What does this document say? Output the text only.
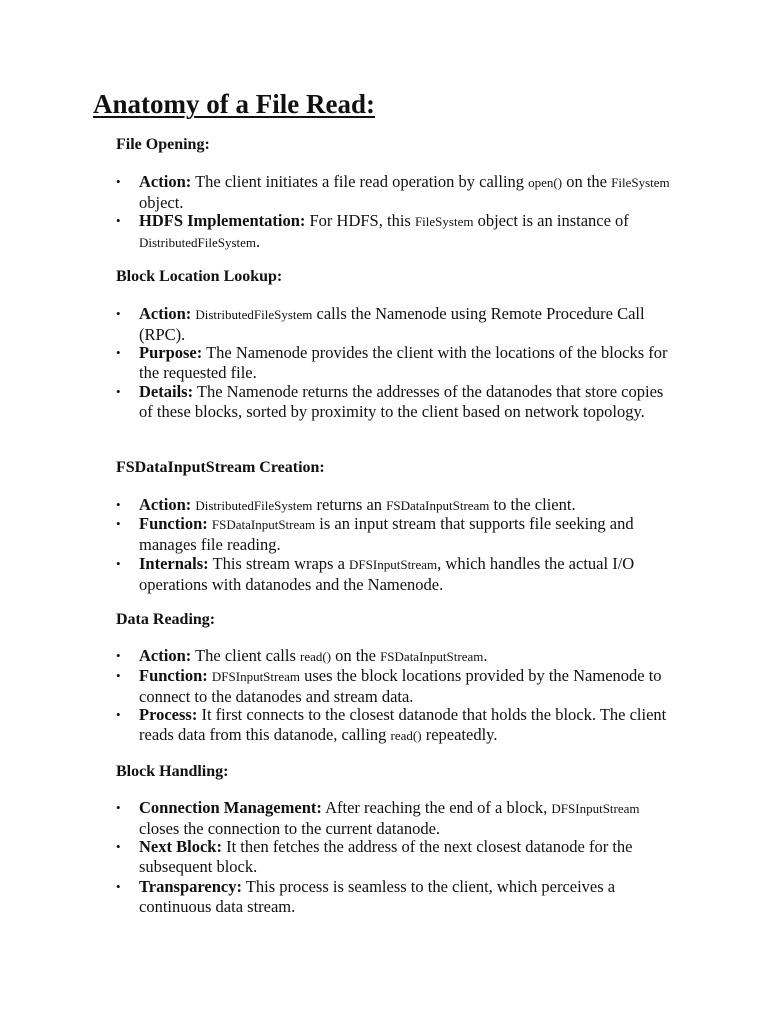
Anatomy of a File Read:
File Opening:
•	Action: The client initiates a file read operation by calling open() on the FileSystem object.
•	HDFS Implementation: For HDFS, this FileSystem object is an instance of DistributedFileSystem.
Block Location Lookup:
•	Action: DistributedFileSystem calls the Namenode using Remote Procedure Call (RPC).
•	Purpose: The Namenode provides the client with the locations of the blocks for the requested file.
•	Details: The Namenode returns the addresses of the datanodes that store copies of these blocks, sorted by proximity to the client based on network topology.
FSDataInputStream Creation:
•	Action: DistributedFileSystem returns an FSDataInputStream to the client.
•	Function: FSDataInputStream is an input stream that supports file seeking and manages file reading.
•	Internals: This stream wraps a DFSInputStream, which handles the actual I/O operations with datanodes and the Namenode.
Data Reading:
•	Action: The client calls read() on the FSDataInputStream.
•	Function: DFSInputStream uses the block locations provided by the Namenode to connect to the datanodes and stream data.
•	Process: It first connects to the closest datanode that holds the block. The client reads data from this datanode, calling read() repeatedly.
Block Handling:
•	Connection Management: After reaching the end of a block, DFSInputStream closes the connection to the current datanode.
•	Next Block: It then fetches the address of the next closest datanode for the subsequent block.
•	Transparency: This process is seamless to the client, which perceives a continuous data stream.
